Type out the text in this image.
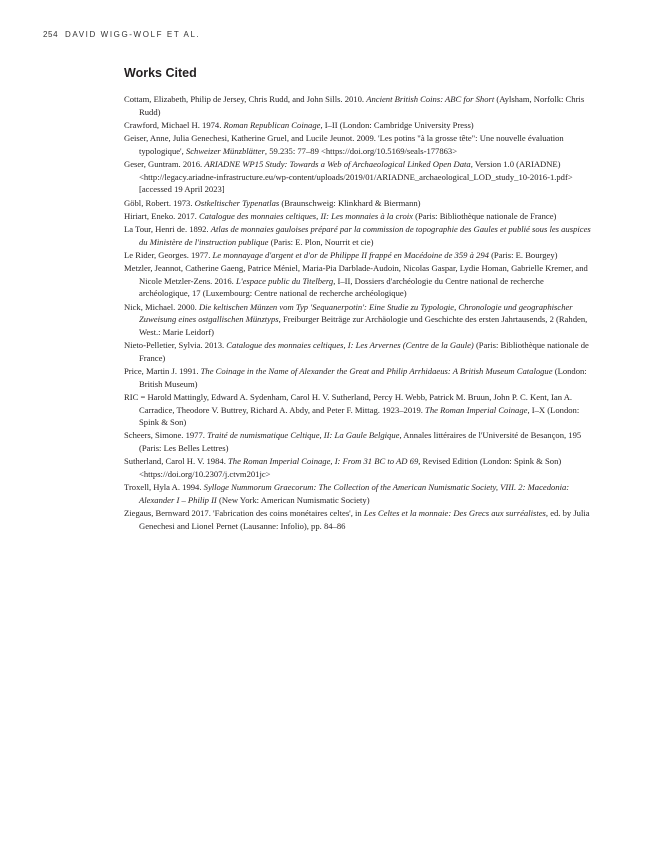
254 DAVID WIGG-WOLF ET AL.
Works Cited
Cottam, Elizabeth, Philip de Jersey, Chris Rudd, and John Sills. 2010. Ancient British Coins: ABC for Short (Aylsham, Norfolk: Chris Rudd)
Crawford, Michael H. 1974. Roman Republican Coinage, I–II (London: Cambridge University Press)
Geiser, Anne, Julia Genechesi, Katherine Gruel, and Lucile Jeunot. 2009. 'Les potins "à la grosse tête": Une nouvelle évaluation typologique', Schweizer Münzblätter, 59.235: 77–89 <https://doi.org/10.5169/seals-177863>
Geser, Guntram. 2016. ARIADNE WP15 Study: Towards a Web of Archaeological Linked Open Data, Version 1.0 (ARIADNE) <http://legacy.ariadne-infrastructure.eu/wp-content/uploads/2019/01/ARIADNE_archaeological_LOD_study_10-2016-1.pdf> [accessed 19 April 2023]
Göbl, Robert. 1973. Ostkeltischer Typenatlas (Braunschweig: Klinkhard & Biermann)
Hiriart, Eneko. 2017. Catalogue des monnaies celtiques, II: Les monnaies à la croix (Paris: Bibliothèque nationale de France)
La Tour, Henri de. 1892. Atlas de monnaies gauloises préparé par la commission de topographie des Gaules et publié sous les auspices du Ministère de l'instruction publique (Paris: E. Plon, Nourrit et cie)
Le Rider, Georges. 1977. Le monnayage d'argent et d'or de Philippe II frappé en Macédoine de 359 à 294 (Paris: E. Bourgey)
Metzler, Jeannot, Catherine Gaeng, Patrice Méniel, Maria-Pia Darblade-Audoin, Nicolas Gaspar, Lydie Homan, Gabrielle Kremer, and Nicole Metzler-Zens. 2016. L'espace public du Titelberg, I–II, Dossiers d'archéologie du Centre national de recherche archéologique, 17 (Luxembourg: Centre national de recherche archéologique)
Nick, Michael. 2000. Die keltischen Münzen vom Typ 'Sequanerpotin': Eine Studie zu Typologie, Chronologie und geographischer Zuweisung eines ostgallischen Münztyps, Freiburger Beiträge zur Archäologie und Geschichte des ersten Jahrtausends, 2 (Rahden, West.: Marie Leidorf)
Nieto-Pelletier, Sylvia. 2013. Catalogue des monnaies celtiques, I: Les Arvernes (Centre de la Gaule) (Paris: Bibliothèque nationale de France)
Price, Martin J. 1991. The Coinage in the Name of Alexander the Great and Philip Arrhidaeus: A British Museum Catalogue (London: British Museum)
RIC = Harold Mattingly, Edward A. Sydenham, Carol H. V. Sutherland, Percy H. Webb, Patrick M. Bruun, John P. C. Kent, Ian A. Carradice, Theodore V. Buttrey, Richard A. Abdy, and Peter F. Mittag. 1923–2019. The Roman Imperial Coinage, I–X (London: Spink & Son)
Scheers, Simone. 1977. Traité de numismatique Celtique, II: La Gaule Belgique, Annales littéraires de l'Université de Besançon, 195 (Paris: Les Belles Lettres)
Sutherland, Carol H. V. 1984. The Roman Imperial Coinage, I: From 31 BC to AD 69, Revised Edition (London: Spink & Son) <https://doi.org/10.2307/j.ctvm201jc>
Troxell, Hyla A. 1994. Sylloge Nummorum Graecorum: The Collection of the American Numismatic Society, VIII. 2: Macedonia: Alexander I – Philip II (New York: American Numismatic Society)
Ziegaus, Bernward 2017. 'Fabrication des coins monétaires celtes', in Les Celtes et la monnaie: Des Grecs aux surréalistes, ed. by Julia Genechesi and Lionel Pernet (Lausanne: Infolio), pp. 84–86
